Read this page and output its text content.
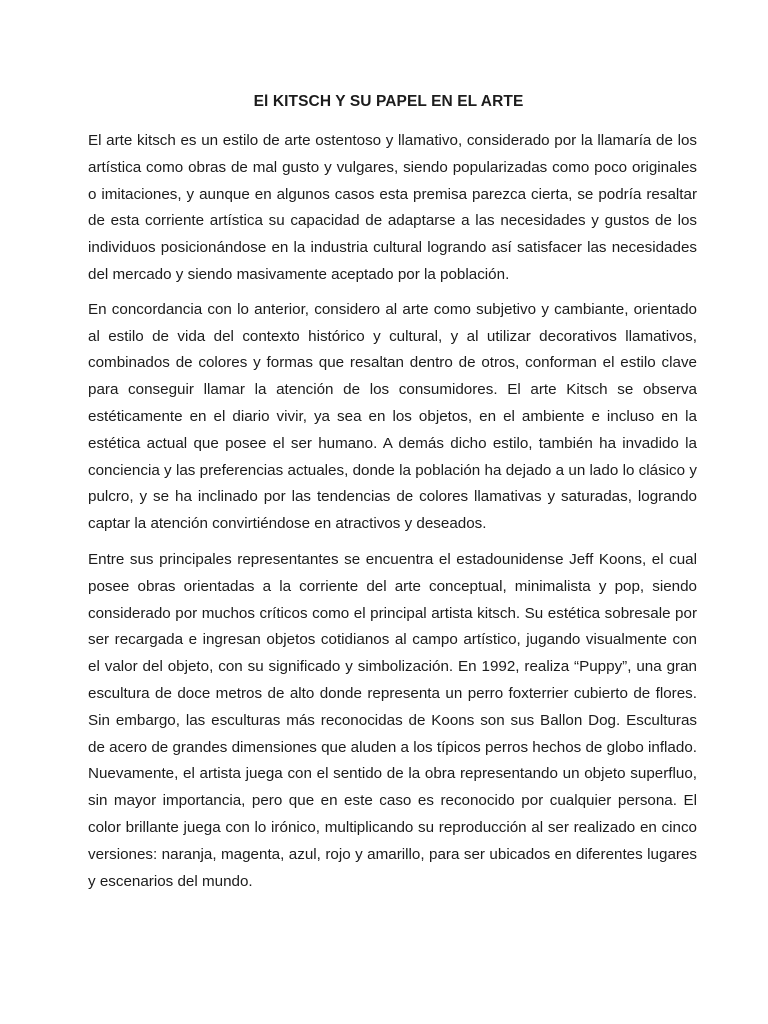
El KITSCH Y SU PAPEL EN EL ARTE

El arte kitsch es un estilo de arte ostentoso y llamativo, considerado por la llamaría de los artística como obras de mal gusto y vulgares, siendo popularizadas como poco originales o imitaciones, y aunque en algunos casos esta premisa parezca cierta, se podría resaltar de esta corriente artística su capacidad de adaptarse a las necesidades y gustos de los individuos posicionándose en la industria cultural logrando así satisfacer las necesidades del mercado y siendo masivamente aceptado por la población.

En concordancia con lo anterior, considero al arte como subjetivo y cambiante, orientado al estilo de vida del contexto histórico y cultural, y al utilizar decorativos llamativos, combinados de colores y formas que resaltan dentro de otros, conforman el estilo clave para conseguir llamar la atención de los consumidores. El arte Kitsch se observa estéticamente en el diario vivir, ya sea en los objetos, en el ambiente e incluso en la estética actual que posee el ser humano. A demás dicho estilo, también ha invadido la conciencia y las preferencias actuales, donde la población ha dejado a un lado lo clásico y pulcro, y se ha inclinado por las tendencias de colores llamativas y saturadas, logrando captar la atención convirtiéndose en atractivos y deseados.

Entre sus principales representantes se encuentra el estadounidense Jeff Koons, el cual posee obras orientadas a la corriente del arte conceptual, minimalista y pop, siendo considerado por muchos críticos como el principal artista kitsch. Su estética sobresale por ser recargada e ingresan objetos cotidianos al campo artístico, jugando visualmente con el valor del objeto, con su significado y simbolización. En 1992, realiza “Puppy”, una gran escultura de doce metros de alto donde representa un perro foxterrier cubierto de flores. Sin embargo, las esculturas más reconocidas de Koons son sus Ballon Dog. Esculturas de acero de grandes dimensiones que aluden a los típicos perros hechos de globo inflado. Nuevamente, el artista juega con el sentido de la obra representando un objeto superfluo, sin mayor importancia, pero que en este caso es reconocido por cualquier persona. El color brillante juega con lo irónico, multiplicando su reproducción al ser realizado en cinco versiones: naranja, magenta, azul, rojo y amarillo, para ser ubicados en diferentes lugares y escenarios del mundo.
